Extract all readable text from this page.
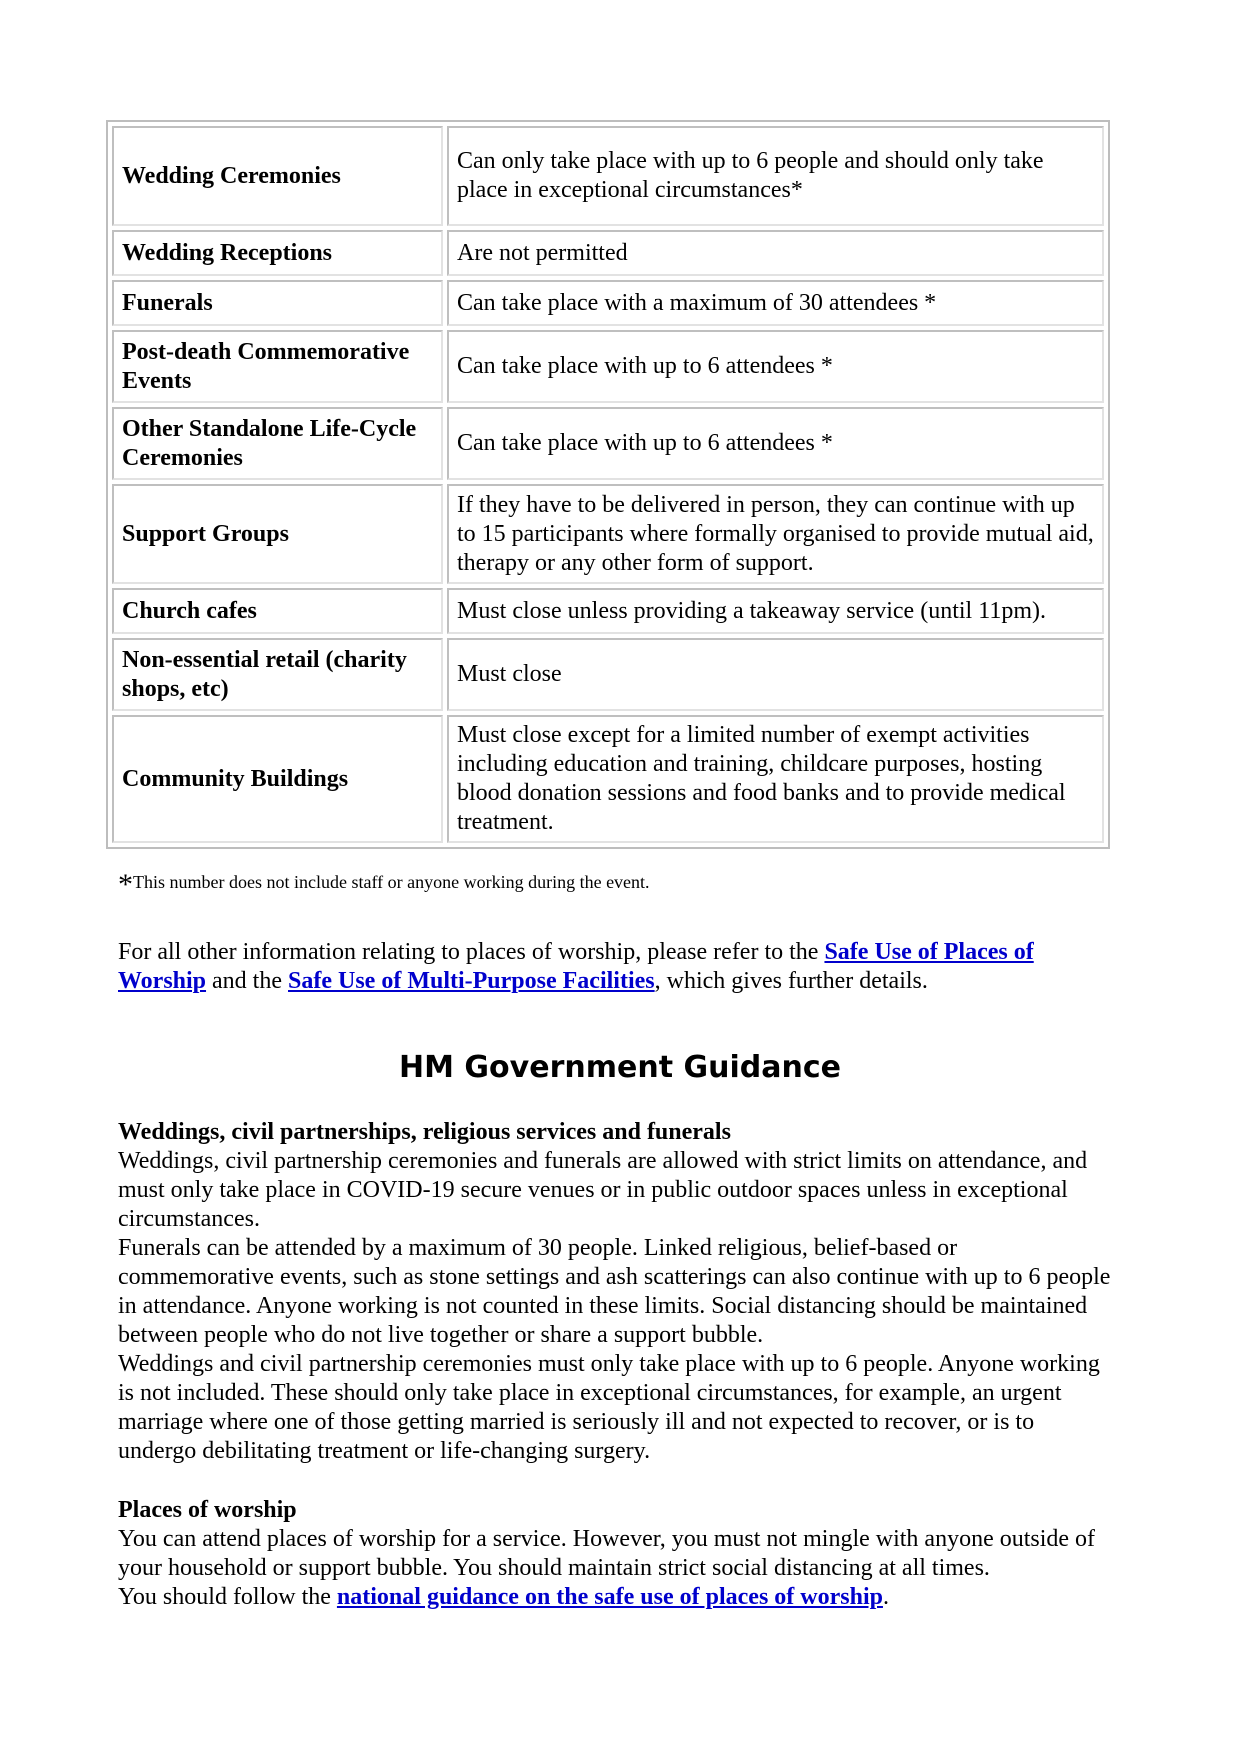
Wedding Ceremonies	Can only take place with up to 6 people and should only take place in exceptional circumstances*
Wedding Receptions	Are not permitted
Funerals	Can take place with a maximum of 30 attendees *
Post-death Commemorative Events	Can take place with up to 6 attendees *
Other Standalone Life-Cycle Ceremonies	Can take place with up to 6 attendees *
Support Groups	If they have to be delivered in person, they can continue with up to 15 participants where formally organised to provide mutual aid, therapy or any other form of support.
Church cafes	Must close unless providing a takeaway service (until 11pm).
Non-essential retail (charity shops, etc)	Must close
Community Buildings	Must close except for a limited number of exempt activities including education and training, childcare purposes, hosting blood donation sessions and food banks and to provide medical treatment.
*This number does not include staff or anyone working during the event.
For all other information relating to places of worship, please refer to the Safe Use of Places of Worship and the Safe Use of Multi-Purpose Facilities, which gives further details.
HM Government Guidance
Weddings, civil partnerships, religious services and funerals
Weddings, civil partnership ceremonies and funerals are allowed with strict limits on attendance, and must only take place in COVID-19 secure venues or in public outdoor spaces unless in exceptional circumstances.
Funerals can be attended by a maximum of 30 people. Linked religious, belief-based or commemorative events, such as stone settings and ash scatterings can also continue with up to 6 people in attendance. Anyone working is not counted in these limits. Social distancing should be maintained between people who do not live together or share a support bubble.
Weddings and civil partnership ceremonies must only take place with up to 6 people. Anyone working is not included. These should only take place in exceptional circumstances, for example, an urgent marriage where one of those getting married is seriously ill and not expected to recover, or is to undergo debilitating treatment or life-changing surgery.
Places of worship
You can attend places of worship for a service. However, you must not mingle with anyone outside of your household or support bubble. You should maintain strict social distancing at all times.
You should follow the national guidance on the safe use of places of worship.
